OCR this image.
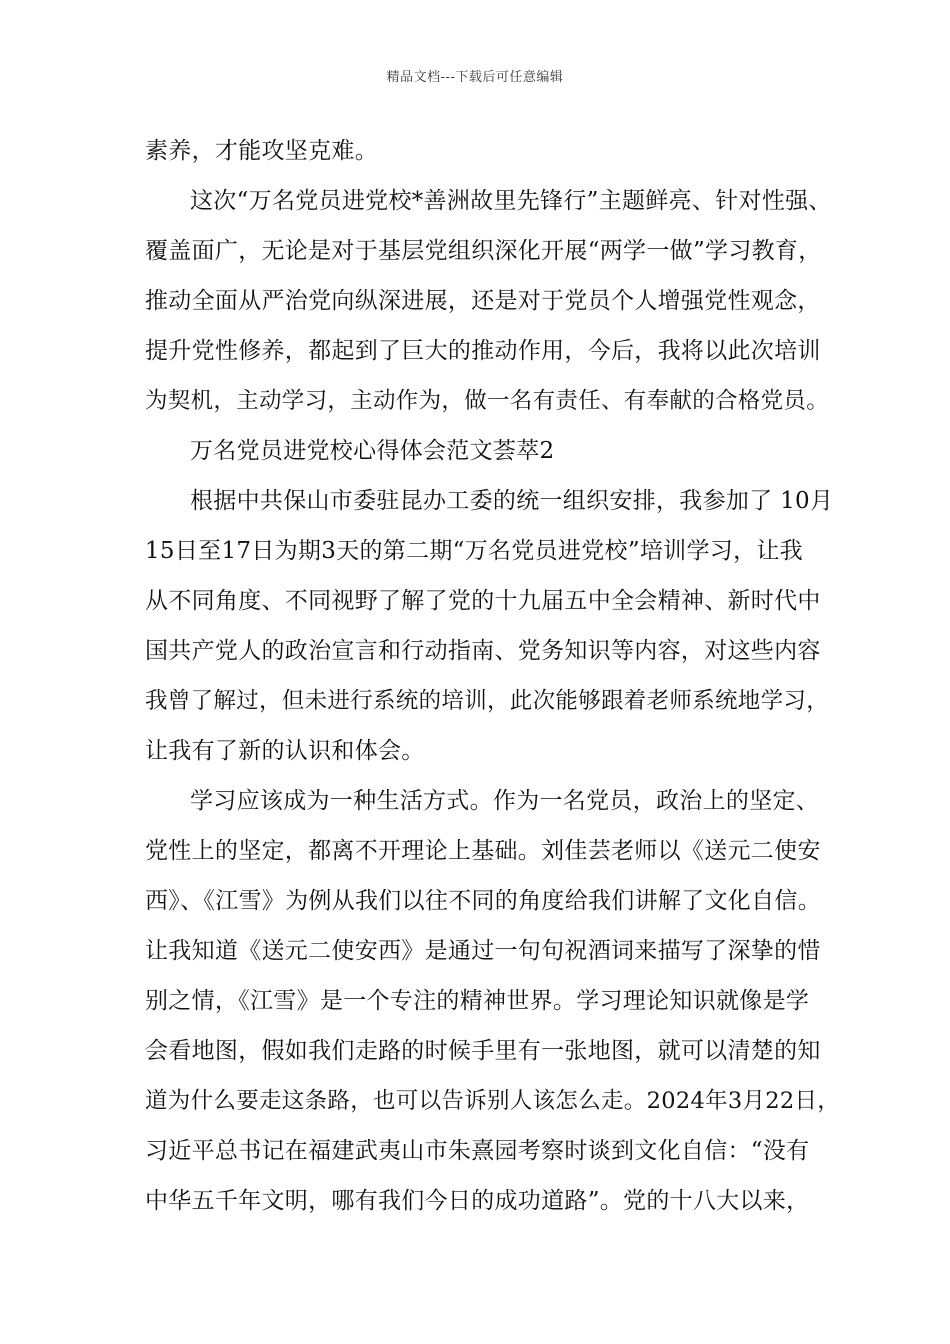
精品文档---下载后可任意编辑
素养，才能攻坚克难。
这次“万名党员进党校*善洲故里先锋行”主题鲜亮、针对性强、
覆盖面广，无论是对于基层党组织深化开展“两学一做”学习教育，
推动全面从严治党向纵深进展，还是对于党员个人增强党性观念，
提升党性修养，都起到了巨大的推动作用，今后，我将以此次培训
为契机，主动学习，主动作为，做一名有责任、有奉献的合格党员。
万名党员进党校心得体会范文荟萃2
根据中共保山市委驻昆办工委的统一组织安排，我参加了 10月
15日至17日为期3天的第二期“万名党员进党校”培训学习，让我
从不同角度、不同视野了解了党的十九届五中全会精神、新时代中
国共产党人的政治宣言和行动指南、党务知识等内容，对这些内容
我曾了解过，但未进行系统的培训，此次能够跟着老师系统地学习，
让我有了新的认识和体会。
学习应该成为一种生活方式。作为一名党员，政治上的坚定、
党性上的坚定，都离不开理论上基础。刘佳芸老师以《送元二使安
西》、《江雪》为例从我们以往不同的角度给我们讲解了文化自信。
让我知道《送元二使安西》是通过一句句祝酒词来描写了深挚的惜
别之情，《江雪》是一个专注的精神世界。学习理论知识就像是学
会看地图，假如我们走路的时候手里有一张地图，就可以清楚的知
道为什么要走这条路，也可以告诉别人该怎么走。2024年3月22日，
习近平总书记在福建武夷山市朱熹园考察时谈到文化自信：“没有
中华五千年文明，哪有我们今日的成功道路”。党的十八大以来，
